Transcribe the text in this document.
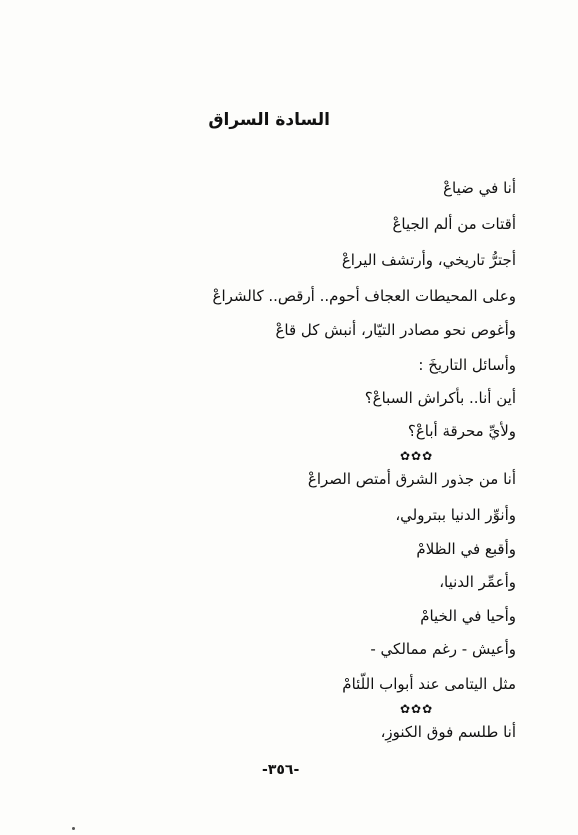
السادة السراق
أنا في ضياعْ
أقتات من ألم الجياعْ
أجترُّ تاريخي، وأرتشف اليراعْ
وعلى المحيطات العجاف أحوم.. أرقص.. كالشراعْ
وأغوص نحو مصادر التيّار، أنبش كل قاعْ
وأسائل التاريخَ :
أين أنا.. بأكراش السباعْ؟
ولأيِّ محرقة أباعْ؟
✿✿✿
أنا من جذور الشرق أمتص الصراعْ
وأنوِّر الدنيا ببترولي،
وأقبع في الظلامْ
وأعمِّر الدنيا،
وأحيا في الخيامْ
وأعيش - رغم ممالكي -
مثل اليتامى عند أبواب اللّئامْ
✿✿✿
أنا طلسم فوق الكنوزِ،
-٣٥٦-
